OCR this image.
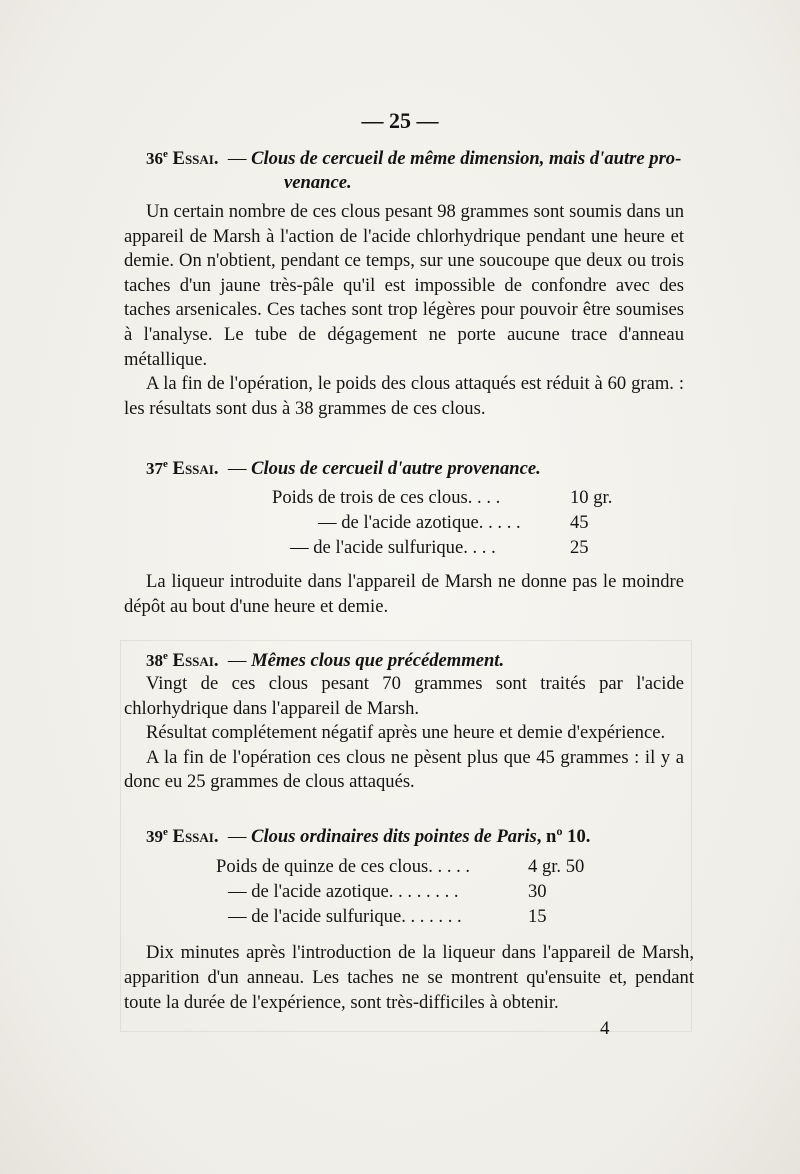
— 25 —
36e Essai. — Clous de cercueil de même dimension, mais d'autre pro-
venance.

Un certain nombre de ces clous pesant 98 grammes sont soumis dans un appareil de Marsh à l'action de l'acide chlorhydrique pendant une heure et demie. On n'obtient, pendant ce temps, sur une soucoupe que deux ou trois taches d'un jaune très-pâle qu'il est impossible de confondre avec des taches arsenicales. Ces taches sont trop légères pour pouvoir être soumises à l'analyse. Le tube de dégagement ne porte aucune trace d'anneau métallique.

A la fin de l'opération, le poids des clous attaqués est réduit à 60 gram. : les résultats sont dus à 38 grammes de ces clous.

37e Essai. — Clous de cercueil d'autre provenance.
Poids de trois de ces clous. . . .	10 gr.
— de l'acide azotique. . . . .	45
— de l'acide sulfurique. . . .	25

La liqueur introduite dans l'appareil de Marsh ne donne pas le moindre dépôt au bout d'une heure et demie.

38e Essai. — Mêmes clous que précédemment.

Vingt de ces clous pesant 70 grammes sont traités par l'acide chlorhydrique dans l'appareil de Marsh.

Résultat complétement négatif après une heure et demie d'expérience.

A la fin de l'opération ces clous ne pèsent plus que 45 grammes : il y a donc eu 25 grammes de clous attaqués.

39e Essai. — Clous ordinaires dits pointes de Paris, nº 10.
Poids de quinze de ces clous. . . . .	4 gr. 50
— de l'acide azotique. . . . . . . .	30
— de l'acide sulfurique. . . . . . .	15

Dix minutes après l'introduction de la liqueur dans l'appareil de Marsh, apparition d'un anneau. Les taches ne se montrent qu'ensuite et, pendant toute la durée de l'expérience, sont très-difficiles à obtenir.

4
